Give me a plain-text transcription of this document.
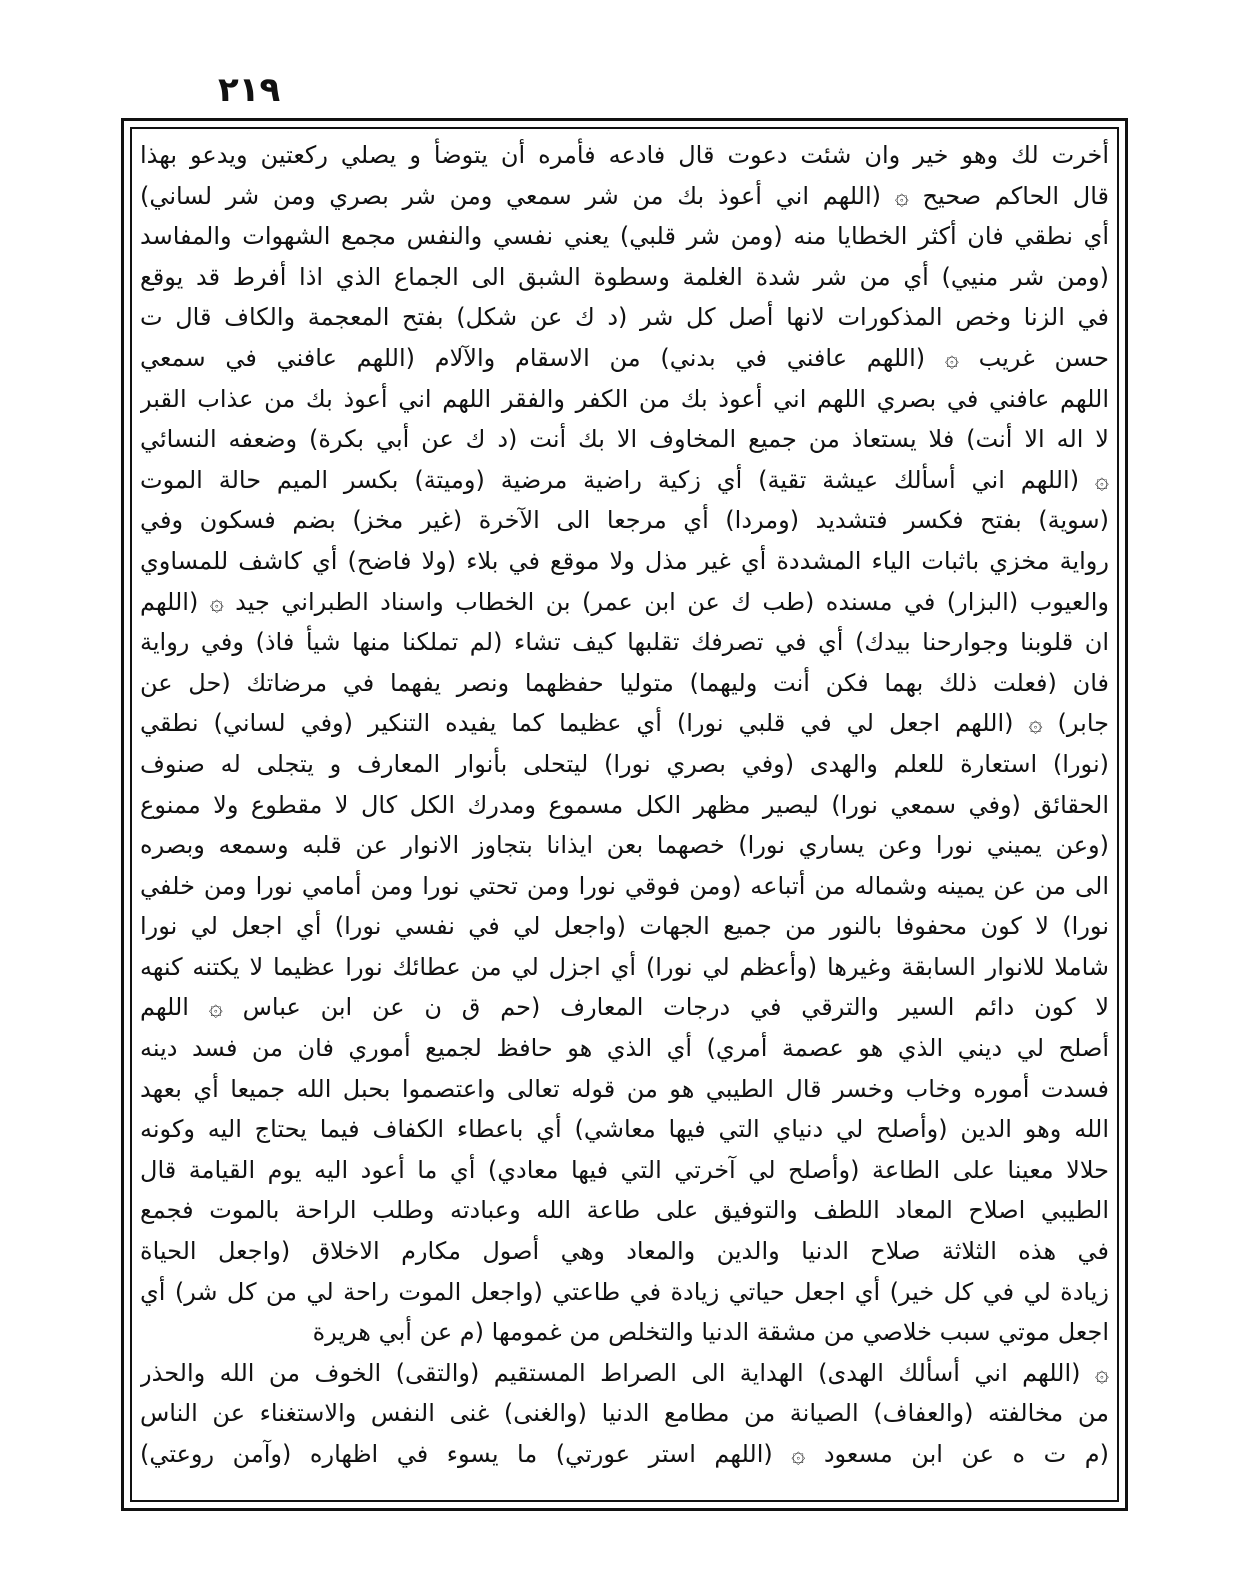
٢١٩
أخرت لك وهو خير وان شئت دعوت قال فادعه فأمره أن يتوضأ و يصلي ركعتين ويدعو بهذا
قال الحاكم صحيح ۞ (اللهم اني أعوذ بك من شر سمعي ومن شر بصري ومن شر لساني)
أي نطقي فان أكثر الخطايا منه (ومن شر قلبي) يعني نفسي والنفس مجمع الشهوات والمفاسد
(ومن شر منيي) أي من شر شدة الغلمة وسطوة الشبق الى الجماع الذي اذا أفرط قد يوقع
في الزنا وخص المذكورات لانها أصل كل شر (د ك عن شكل) بفتح المعجمة والكاف قال ت
حسن غريب ۞ (اللهم عافني في بدني) من الاسقام والآلام (اللهم عافني في سمعي
اللهم عافني في بصري اللهم اني أعوذ بك من الكفر والفقر اللهم اني أعوذ بك من عذاب القبر
لا اله الا أنت) فلا يستعاذ من جميع المخاوف الا بك أنت (د ك عن أبي بكرة) وضعفه النسائي
۞ (اللهم اني أسألك عيشة تقية) أي زكية راضية مرضية (وميتة) بكسر الميم حالة الموت
(سوية) بفتح فكسر فتشديد (ومردا) أي مرجعا الى الآخرة (غير مخز) بضم فسكون وفي
رواية مخزي باثبات الياء المشددة أي غير مذل ولا موقع في بلاء (ولا فاضح) أي كاشف للمساوي
والعيوب (البزار) في مسنده (طب ك عن ابن عمر) بن الخطاب واسناد الطبراني جيد ۞ (اللهم
ان قلوبنا وجوارحنا بيدك) أي في تصرفك تقلبها كيف تشاء (لم تملكنا منها شيأ فاذ) وفي رواية
فان (فعلت ذلك بهما فكن أنت وليهما) متوليا حفظهما ونصر يفهما في مرضاتك (حل عن
جابر) ۞ (اللهم اجعل لي في قلبي نورا) أي عظيما كما يفيده التنكير (وفي لساني) نطقي
(نورا) استعارة للعلم والهدى (وفي بصري نورا) ليتحلى بأنوار المعارف و يتجلى له صنوف
الحقائق (وفي سمعي نورا) ليصير مظهر الكل مسموع ومدرك الكل كال لا مقطوع ولا ممنوع
(وعن يميني نورا وعن يساري نورا) خصهما بعن ايذانا بتجاوز الانوار عن قلبه وسمعه وبصره
الى من عن يمينه وشماله من أتباعه (ومن فوقي نورا ومن تحتي نورا ومن أمامي نورا ومن خلفي
نورا) لا كون محفوفا بالنور من جميع الجهات (واجعل لي في نفسي نورا) أي اجعل لي نورا
شاملا للانوار السابقة وغيرها (وأعظم لي نورا) أي اجزل لي من عطائك نورا عظيما لا يكتنه كنهه
لا كون دائم السير والترقي في درجات المعارف (حم ق ن عن ابن عباس ۞ اللهم
أصلح لي ديني الذي هو عصمة أمري) أي الذي هو حافظ لجميع أموري فان من فسد دينه
فسدت أموره وخاب وخسر قال الطيبي هو من قوله تعالى واعتصموا بحبل الله جميعا أي بعهد
الله وهو الدين (وأصلح لي دنياي التي فيها معاشي) أي باعطاء الكفاف فيما يحتاج اليه وكونه
حلالا معينا على الطاعة (وأصلح لي آخرتي التي فيها معادي) أي ما أعود اليه يوم القيامة قال
الطيبي اصلاح المعاد اللطف والتوفيق على طاعة الله وعبادته وطلب الراحة بالموت فجمع
في هذه الثلاثة صلاح الدنيا والدين والمعاد وهي أصول مكارم الاخلاق (واجعل الحياة
زيادة لي في كل خير) أي اجعل حياتي زيادة في طاعتي (واجعل الموت راحة لي من كل شر) أي
اجعل موتي سبب خلاصي من مشقة الدنيا والتخلص من غمومها (م عن أبي هريرة
۞ (اللهم اني أسألك الهدى) الهداية الى الصراط المستقيم (والتقى) الخوف من الله والحذر
من مخالفته (والعفاف) الصيانة من مطامع الدنيا (والغنى) غنى النفس والاستغناء عن الناس
(م ت ه عن ابن مسعود ۞ (اللهم استر عورتي) ما يسوء في اظهاره (وآمن روعتي)
